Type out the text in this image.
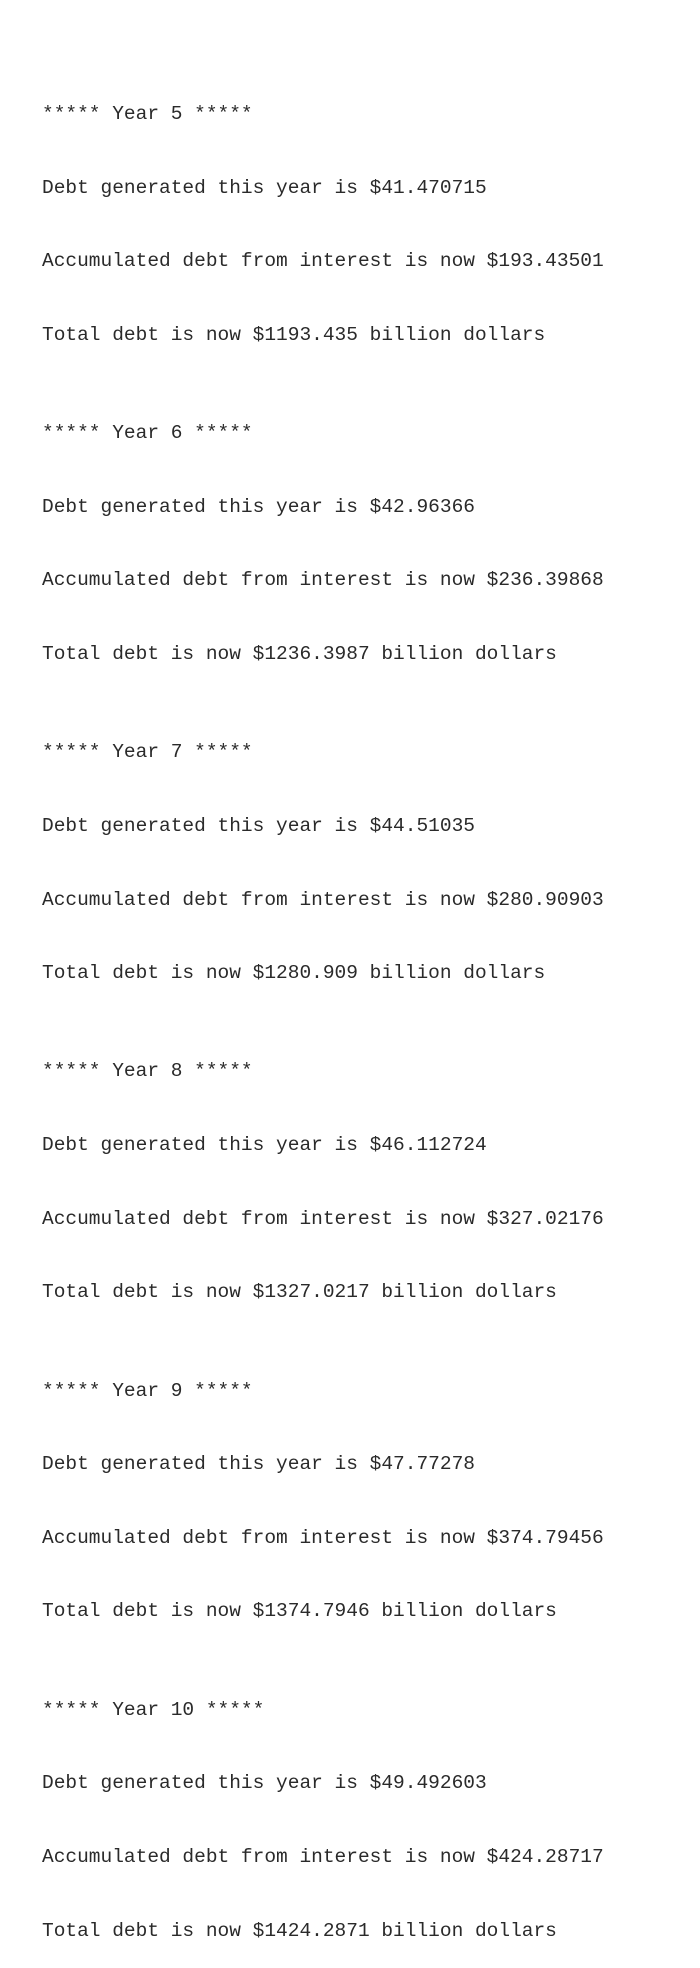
***** Year 5 *****

Debt generated this year is $41.470715

Accumulated debt from interest is now $193.43501

Total debt is now $1193.435 billion dollars

***** Year 6 *****

Debt generated this year is $42.96366

Accumulated debt from interest is now $236.39868

Total debt is now $1236.3987 billion dollars

***** Year 7 *****

Debt generated this year is $44.51035

Accumulated debt from interest is now $280.90903

Total debt is now $1280.909 billion dollars

***** Year 8 *****

Debt generated this year is $46.112724

Accumulated debt from interest is now $327.02176

Total debt is now $1327.0217 billion dollars

***** Year 9 *****

Debt generated this year is $47.77278

Accumulated debt from interest is now $374.79456

Total debt is now $1374.7946 billion dollars

***** Year 10 *****

Debt generated this year is $49.492603

Accumulated debt from interest is now $424.28717

Total debt is now $1424.2871 billion dollars
